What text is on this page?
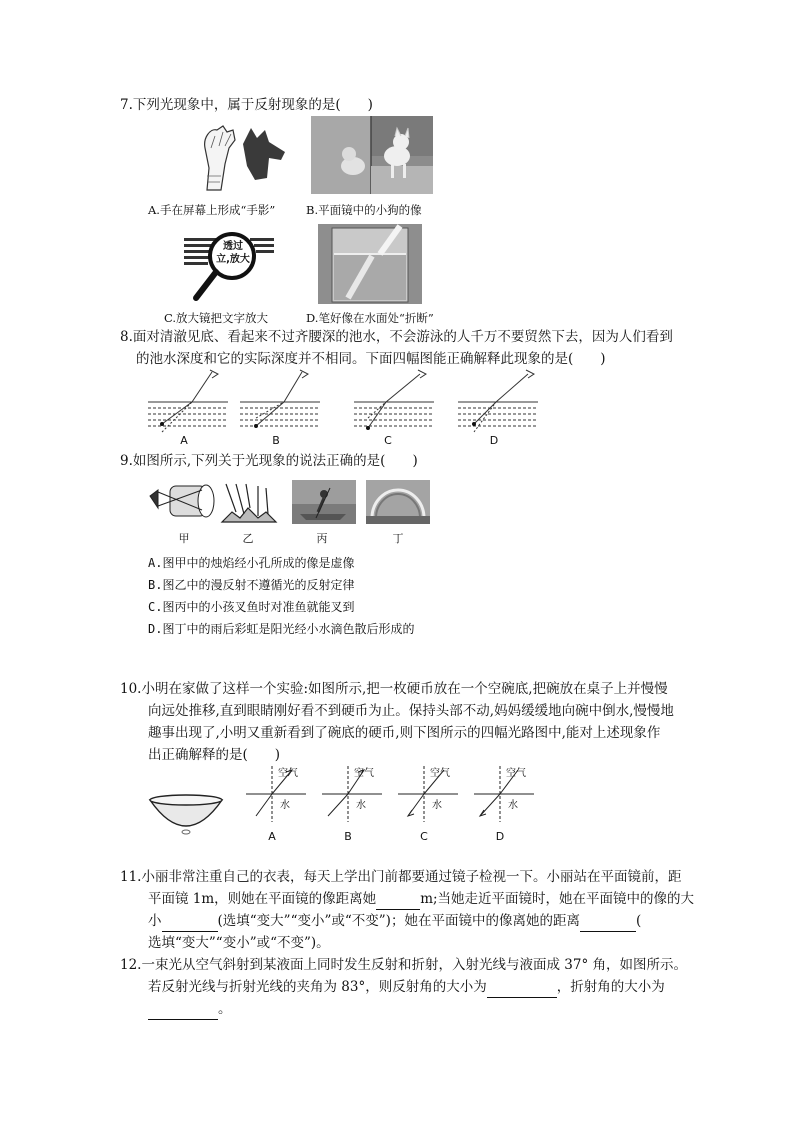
7.下列光现象中，属于反射现象的是(　　)
A.手在屏幕上形成“手影”	B.平面镜中的小狗的像
透过
立,放大
C.放大镜把文字放大	D.笔好像在水面处“折断”
8.面对清澈见底、看起来不过齐腰深的池水，不会游泳的人千万不要贸然下去，因为人们看到
的池水深度和它的实际深度并不相同。下面四幅图能正确解释此现象的是(　　)
A	B	C	D
9.如图所示,下列关于光现象的说法正确的是(　　)
甲	乙	丙	丁
A.图甲中的烛焰经小孔所成的像是虚像
B.图乙中的漫反射不遵循光的反射定律
C.图丙中的小孩叉鱼时对准鱼就能叉到
D.图丁中的雨后彩虹是阳光经小水滴色散后形成的
10.小明在家做了这样一个实验:如图所示,把一枚硬币放在一个空碗底,把碗放在桌子上并慢慢
向远处推移,直到眼睛刚好看不到硬币为止。保持头部不动,妈妈缓缓地向碗中倒水,慢慢地
趣事出现了,小明又重新看到了碗底的硬币,则下图所示的四幅光路图中,能对上述现象作
出正确解释的是(　　)
空气
水
空气
水
空气
水
空气
水
A	B	C	D
11.小丽非常注重自己的衣表，每天上学出门前都要通过镜子检视一下。小丽站在平面镜前，距
平面镜 1m，则她在平面镜的像距离她	m;当她走近平面镜时，她在平面镜中的像的大
小	(选填“变大”“变小”或“不变”)；她在平面镜中的像离她的距离	(
选填“变大”“变小”或“不变”)。
12.一束光从空气斜射到某液面上同时发生反射和折射，入射光线与液面成 37° 角，如图所示。
若反射光线与折射光线的夹角为 83°，则反射角的大小为	，折射角的大小为
。
